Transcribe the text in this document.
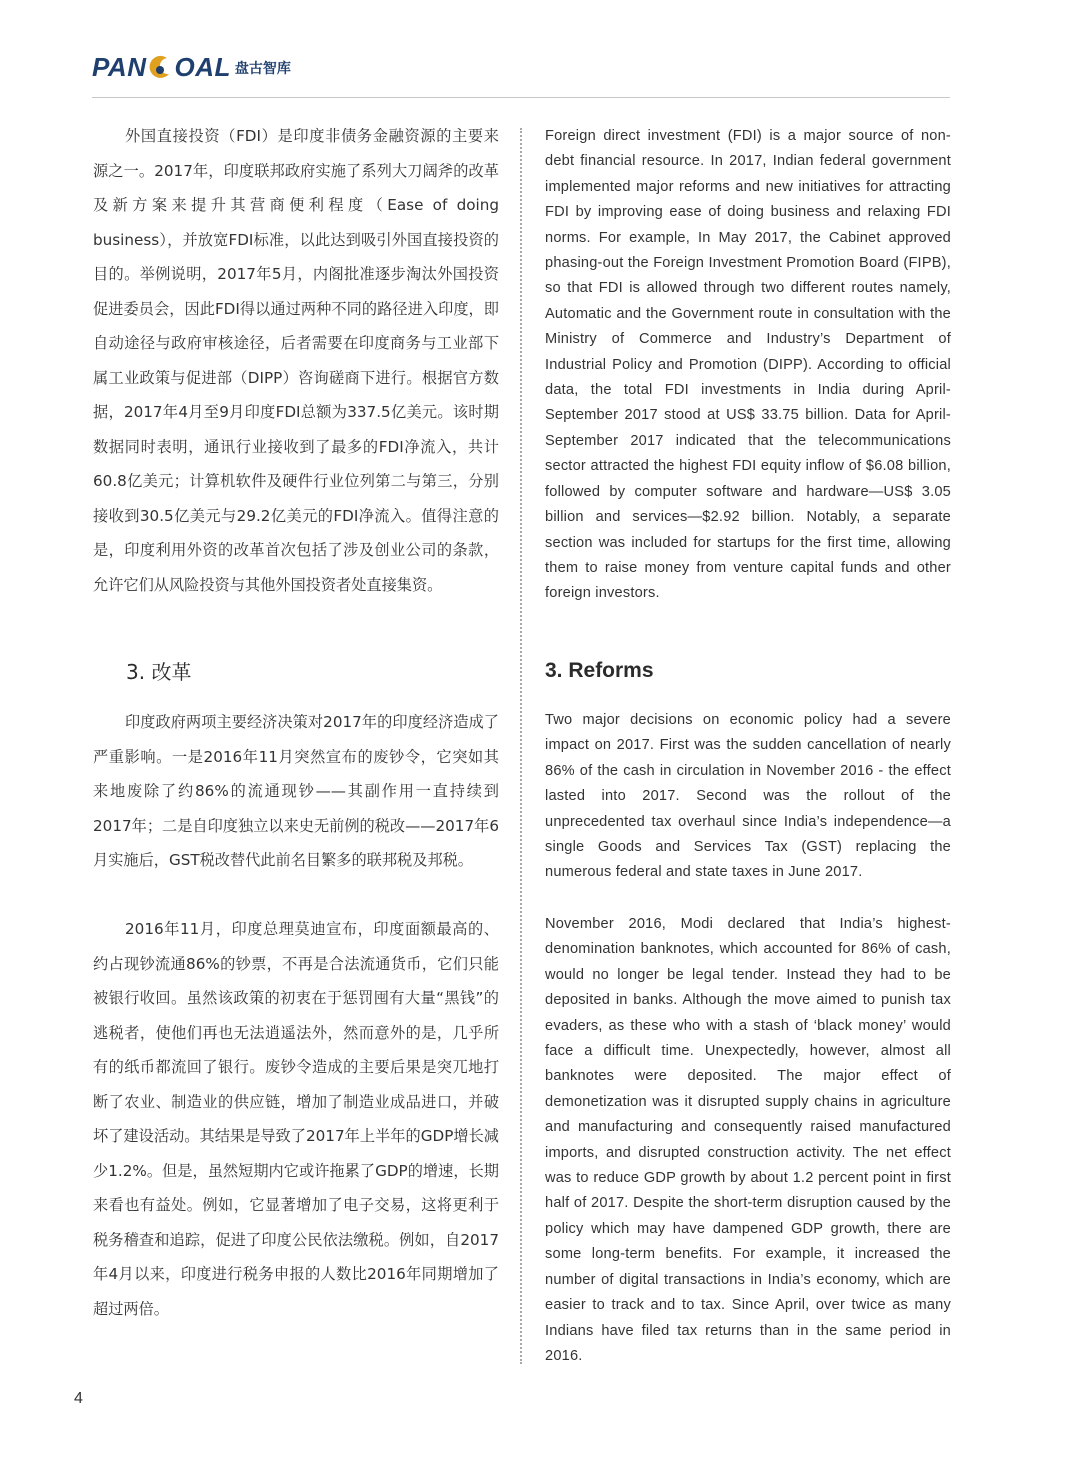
PAN OAL 盘古智库

外国直接投资（FDI）是印度非债务金融资源的主要来源之一。2017年，印度联邦政府实施了系列大刀阔斧的改革及新方案来提升其营商便利程度（Ease of doing business），并放宽FDI标准，以此达到吸引外国直接投资的目的。举例说明，2017年5月，内阁批准逐步淘汰外国投资促进委员会，因此FDI得以通过两种不同的路径进入印度，即自动途径与政府审核途径，后者需要在印度商务与工业部下属工业政策与促进部（DIPP）咨询磋商下进行。根据官方数据，2017年4月至9月印度FDI总额为337.5亿美元。该时期数据同时表明，通讯行业接收到了最多的FDI净流入，共计60.8亿美元；计算机软件及硬件行业位列第二与第三，分别接收到30.5亿美元与29.2亿美元的FDI净流入。值得注意的是，印度利用外资的改革首次包括了涉及创业公司的条款，允许它们从风险投资与其他外国投资者处直接集资。

3. 改革

印度政府两项主要经济决策对2017年的印度经济造成了严重影响。一是2016年11月突然宣布的废钞令，它突如其来地废除了约86%的流通现钞——其副作用一直持续到2017年；二是自印度独立以来史无前例的税改——2017年6月实施后，GST税改替代此前名目繁多的联邦税及邦税。

2016年11月，印度总理莫迪宣布，印度面额最高的、约占现钞流通86%的钞票，不再是合法流通货币，它们只能被银行收回。虽然该政策的初衷在于惩罚囤有大量“黑钱”的逃税者，使他们再也无法逍遥法外，然而意外的是，几乎所有的纸币都流回了银行。废钞令造成的主要后果是突兀地打断了农业、制造业的供应链，增加了制造业成品进口，并破坏了建设活动。其结果是导致了2017年上半年的GDP增长减少1.2%。但是，虽然短期内它或许拖累了GDP的增速，长期来看也有益处。例如，它显著增加了电子交易，这将更利于税务稽查和追踪，促进了印度公民依法缴税。例如，自2017年4月以来，印度进行税务申报的人数比2016年同期增加了超过两倍。

Foreign direct investment (FDI) is a major source of non-debt financial resource. In 2017, Indian federal government implemented major reforms and new initiatives for attracting FDI by improving ease of doing business and relaxing FDI norms. For example, In May 2017, the Cabinet approved phasing-out the Foreign Investment Promotion Board (FIPB), so that FDI is allowed through two different routes namely, Automatic and the Government route in consultation with the Ministry of Commerce and Industry’s Department of Industrial Policy and Promotion (DIPP). According to official data, the total FDI investments in India during April-September 2017 stood at US$ 33.75 billion. Data for April-September 2017 indicated that the telecommunications sector attracted the highest FDI equity inflow of $6.08 billion, followed by computer software and hardware—US$ 3.05 billion and services—$2.92 billion. Notably, a separate section was included for startups for the first time, allowing them to raise money from venture capital funds and other foreign investors.

3. Reforms

Two major decisions on economic policy had a severe impact on 2017. First was the sudden cancellation of nearly 86% of the cash in circulation in November 2016 - the effect lasted into 2017. Second was the rollout of the unprecedented tax overhaul since India’s independence—a single Goods and Services Tax (GST) replacing the numerous federal and state taxes in June 2017.

November 2016, Modi declared that India’s highest-denomination banknotes, which accounted for 86% of cash, would no longer be legal tender. Instead they had to be deposited in banks. Although the move aimed to punish tax evaders, as these who with a stash of ‘black money’ would face a difficult time. Unexpectedly, however, almost all banknotes were deposited. The major effect of demonetization was it disrupted supply chains in agriculture and manufacturing and consequently raised manufactured imports, and disrupted construction activity. The net effect was to reduce GDP growth by about 1.2 percent point in first half of 2017. Despite the short-term disruption caused by the policy which may have dampened GDP growth, there are some long-term benefits. For example, it increased the number of digital transactions in India’s economy, which are easier to track and to tax. Since April, over twice as many Indians have filed tax returns than in the same period in 2016.

4
